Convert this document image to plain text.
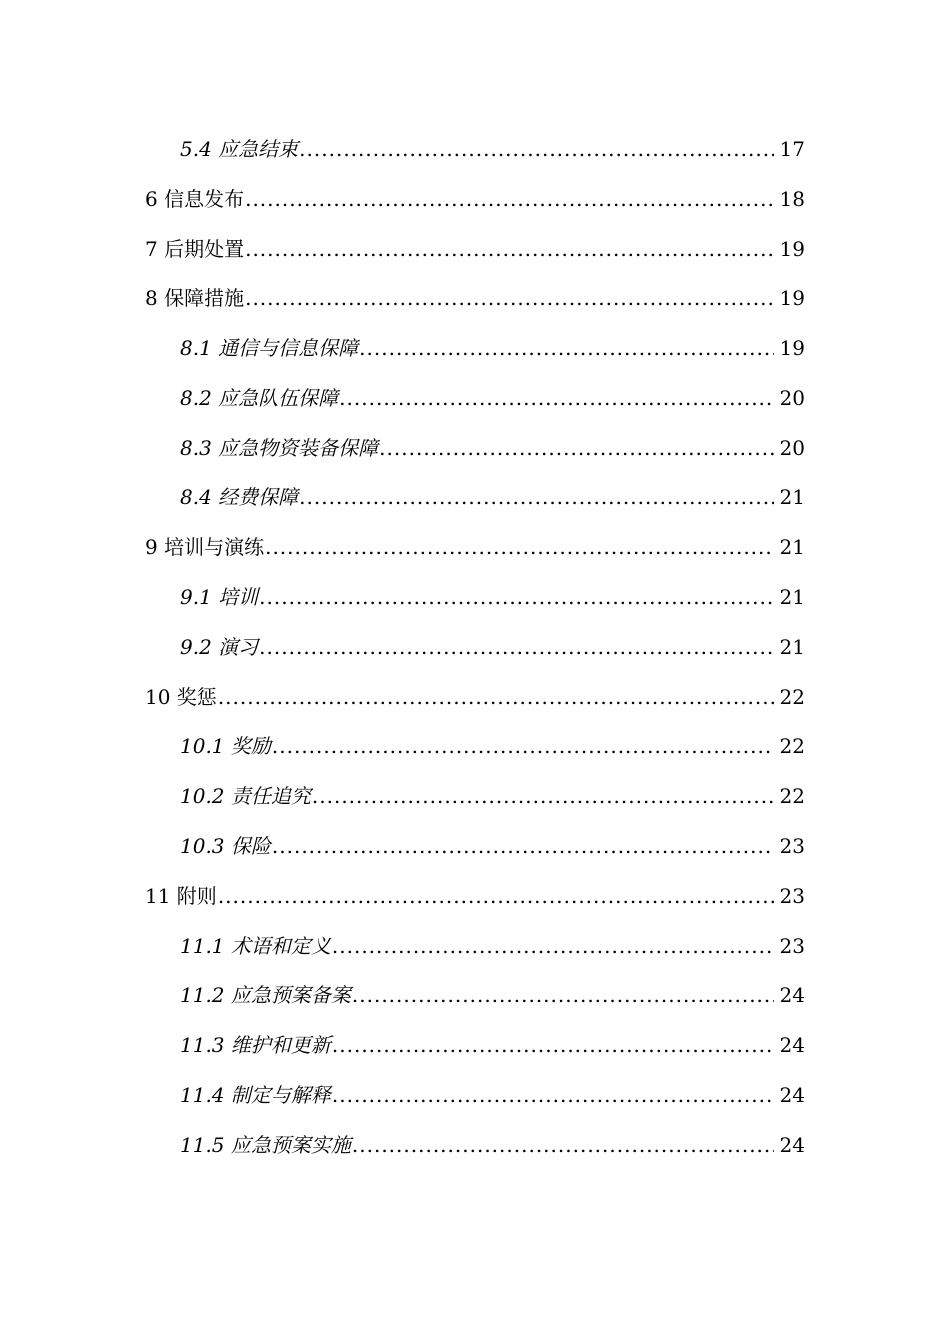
5.4 应急结束 .....	17
6 信息发布 .....	18
7 后期处置 .....	19
8 保障措施 .....	19
8.1 通信与信息保障 .....	19
8.2 应急队伍保障 .....	20
8.3 应急物资装备保障 .....	20
8.4 经费保障 .....	21
9 培训与演练 .....	21
9.1 培训 .....	21
9.2 演习 .....	21
10 奖惩 .....	22
10.1 奖励 .....	22
10.2 责任追究 .....	22
10.3 保险 .....	23
11 附则 .....	23
11.1 术语和定义 .....	23
11.2 应急预案备案 .....	24
11.3 维护和更新 .....	24
11.4 制定与解释 .....	24
11.5 应急预案实施 .....	24
